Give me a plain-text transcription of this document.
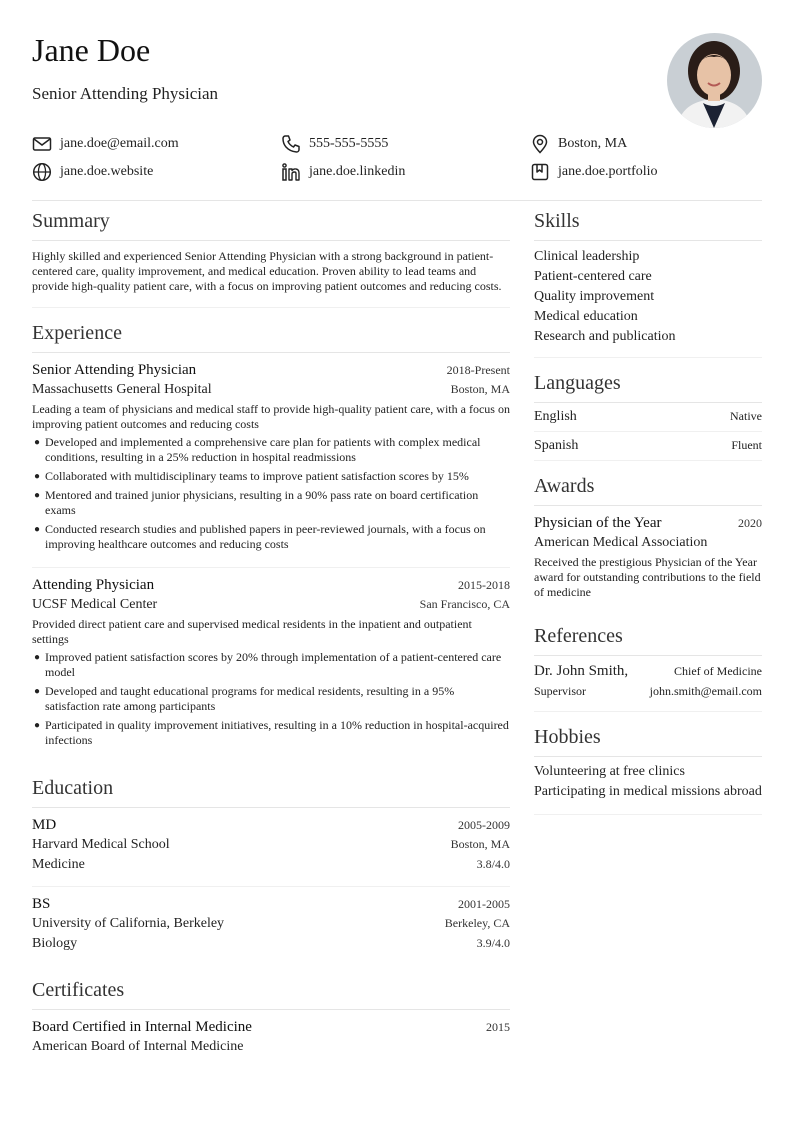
Jane Doe
Senior Attending Physician
jane.doe@email.com	555-555-5555	Boston, MA
jane.doe.website	jane.doe.linkedin	jane.doe.portfolio
Summary
Highly skilled and experienced Senior Attending Physician with a strong background in patient-centered care, quality improvement, and medical education. Proven ability to lead teams and provide high-quality patient care, with a focus on improving patient outcomes and reducing costs.
Experience
Senior Attending Physician	2018-Present
Massachusetts General Hospital	Boston, MA
Leading a team of physicians and medical staff to provide high-quality patient care, with a focus on improving patient outcomes and reducing costs
● Developed and implemented a comprehensive care plan for patients with complex medical conditions, resulting in a 25% reduction in hospital readmissions
● Collaborated with multidisciplinary teams to improve patient satisfaction scores by 15%
● Mentored and trained junior physicians, resulting in a 90% pass rate on board certification exams
● Conducted research studies and published papers in peer-reviewed journals, with a focus on improving healthcare outcomes and reducing costs
Attending Physician	2015-2018
UCSF Medical Center	San Francisco, CA
Provided direct patient care and supervised medical residents in the inpatient and outpatient settings
● Improved patient satisfaction scores by 20% through implementation of a patient-centered care model
● Developed and taught educational programs for medical residents, resulting in a 95% satisfaction rate among participants
● Participated in quality improvement initiatives, resulting in a 10% reduction in hospital-acquired infections
Education
MD	2005-2009
Harvard Medical School	Boston, MA
Medicine	3.8/4.0
BS	2001-2005
University of California, Berkeley	Berkeley, CA
Biology	3.9/4.0
Certificates
Board Certified in Internal Medicine	2015
American Board of Internal Medicine
Skills
Clinical leadership
Patient-centered care
Quality improvement
Medical education
Research and publication
Languages
English	Native
Spanish	Fluent
Awards
Physician of the Year	2020
American Medical Association
Received the prestigious Physician of the Year award for outstanding contributions to the field of medicine
References
Dr. John Smith,	Chief of Medicine
Supervisor	john.smith@email.com
Hobbies
Volunteering at free clinics
Participating in medical missions abroad
